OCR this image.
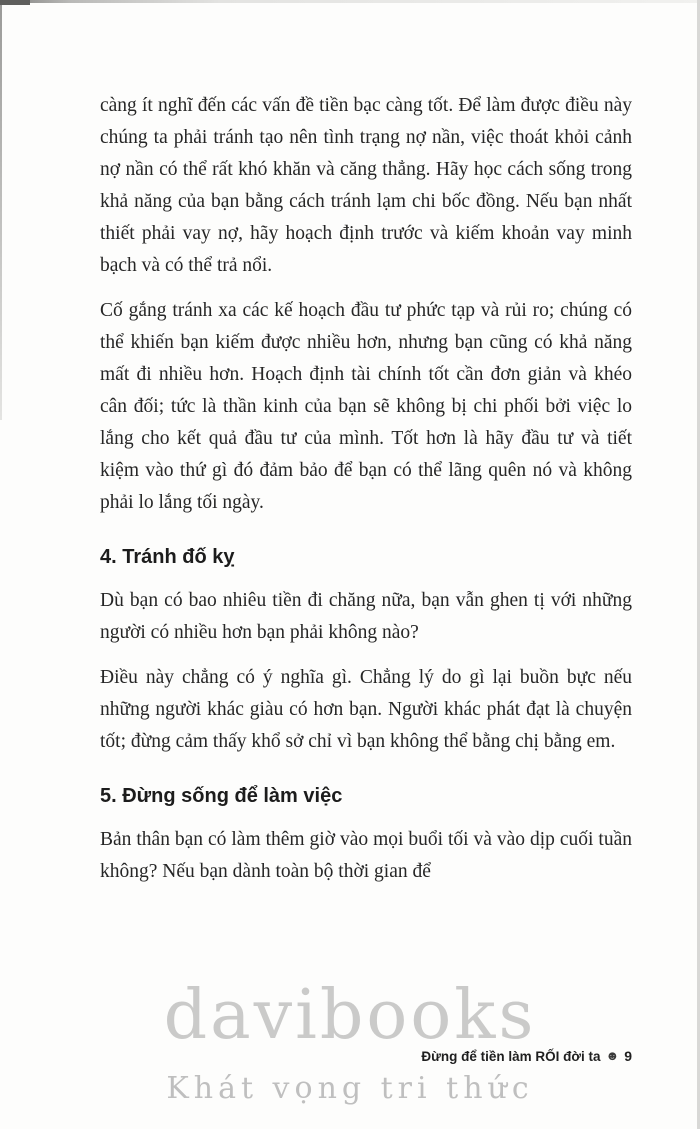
càng ít nghĩ đến các vấn đề tiền bạc càng tốt. Để làm được điều này chúng ta phải tránh tạo nên tình trạng nợ nần, việc thoát khỏi cảnh nợ nần có thể rất khó khăn và căng thẳng. Hãy học cách sống trong khả năng của bạn bằng cách tránh lạm chi bốc đồng. Nếu bạn nhất thiết phải vay nợ, hãy hoạch định trước và kiếm khoản vay minh bạch và có thể trả nổi.

Cố gắng tránh xa các kế hoạch đầu tư phức tạp và rủi ro; chúng có thể khiến bạn kiếm được nhiều hơn, nhưng bạn cũng có khả năng mất đi nhiều hơn. Hoạch định tài chính tốt cần đơn giản và khéo cân đối; tức là thần kinh của bạn sẽ không bị chi phối bởi việc lo lắng cho kết quả đầu tư của mình. Tốt hơn là hãy đầu tư và tiết kiệm vào thứ gì đó đảm bảo để bạn có thể lãng quên nó và không phải lo lắng tối ngày.

4. Tránh đố kỵ

Dù bạn có bao nhiêu tiền đi chăng nữa, bạn vẫn ghen tị với những người có nhiều hơn bạn phải không nào?

Điều này chẳng có ý nghĩa gì. Chẳng lý do gì lại buồn bực nếu những người khác giàu có hơn bạn. Người khác phát đạt là chuyện tốt; đừng cảm thấy khổ sở chỉ vì bạn không thể bằng chị bằng em.

5. Đừng sống để làm việc

Bản thân bạn có làm thêm giờ vào mọi buổi tối và vào dịp cuối tuần không? Nếu bạn dành toàn bộ thời gian để

davibooks
Khát vọng tri thức
Đừng để tiền làm RỐI đời ta ☻ 9
